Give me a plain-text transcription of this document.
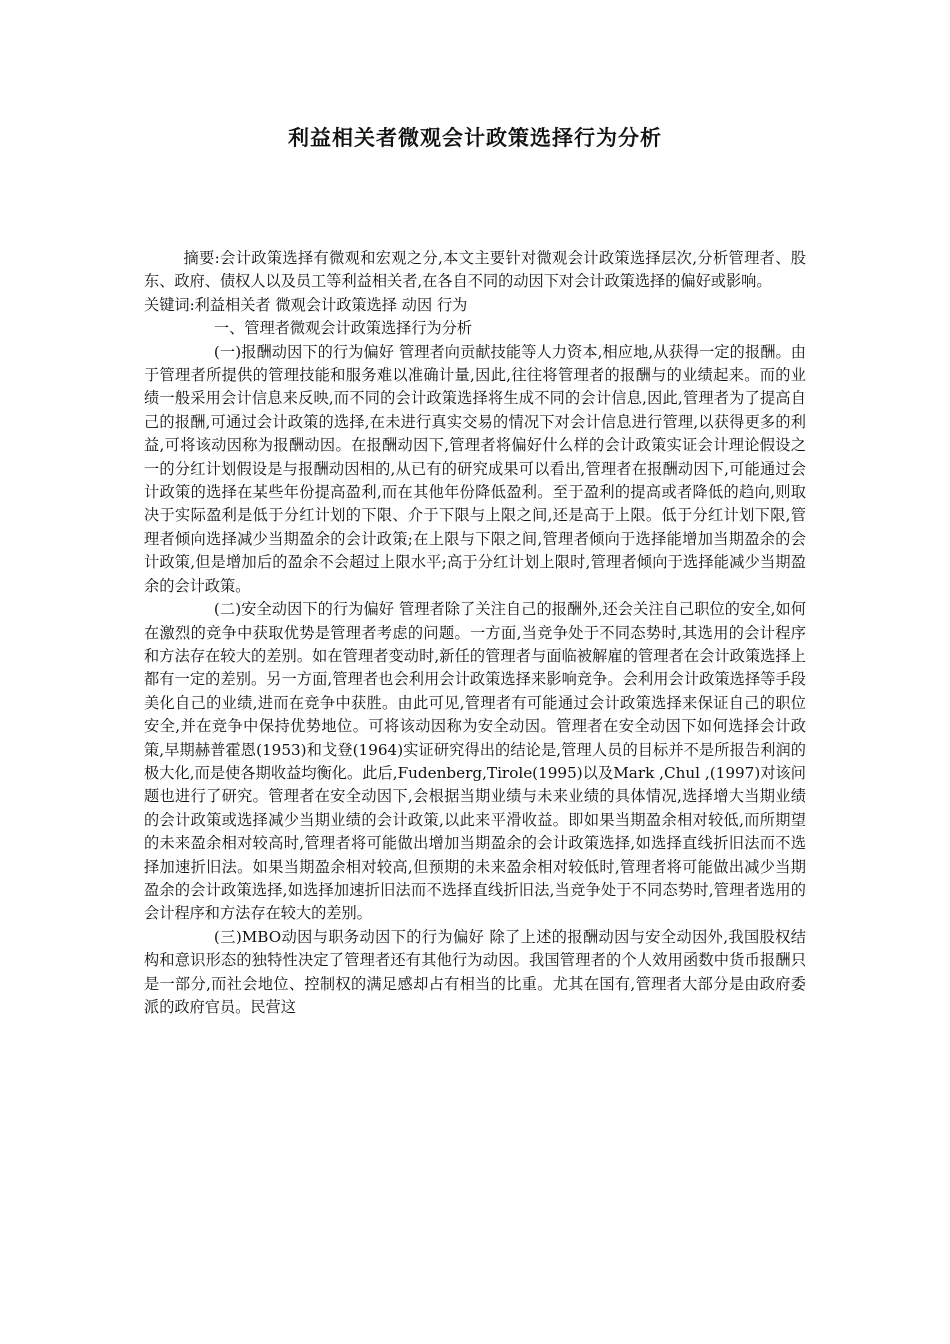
利益相关者微观会计政策选择行为分析

摘要:会计政策选择有微观和宏观之分,本文主要针对微观会计政策选择层次,分析管理者、股东、政府、债权人以及员工等利益相关者,在各自不同的动因下对会计政策选择的偏好或影响。

关键词:利益相关者 微观会计政策选择 动因 行为

一、管理者微观会计政策选择行为分析

(一)报酬动因下的行为偏好 管理者向贡献技能等人力资本,相应地,从获得一定的报酬。由于管理者所提供的管理技能和服务难以准确计量,因此,往往将管理者的报酬与的业绩起来。而的业绩一般采用会计信息来反映,而不同的会计政策选择将生成不同的会计信息,因此,管理者为了提高自己的报酬,可通过会计政策的选择,在未进行真实交易的情况下对会计信息进行管理,以获得更多的利益,可将该动因称为报酬动因。在报酬动因下,管理者将偏好什么样的会计政策实证会计理论假设之一的分红计划假设是与报酬动因相的,从已有的研究成果可以看出,管理者在报酬动因下,可能通过会计政策的选择在某些年份提高盈利,而在其他年份降低盈利。至于盈利的提高或者降低的趋向,则取决于实际盈利是低于分红计划的下限、介于下限与上限之间,还是高于上限。低于分红计划下限,管理者倾向选择减少当期盈余的会计政策;在上限与下限之间,管理者倾向于选择能增加当期盈余的会计政策,但是增加后的盈余不会超过上限水平;高于分红计划上限时,管理者倾向于选择能减少当期盈余的会计政策。

(二)安全动因下的行为偏好 管理者除了关注自己的报酬外,还会关注自己职位的安全,如何在激烈的竞争中获取优势是管理者考虑的问题。一方面,当竞争处于不同态势时,其选用的会计程序和方法存在较大的差别。如在管理者变动时,新任的管理者与面临被解雇的管理者在会计政策选择上都有一定的差别。另一方面,管理者也会利用会计政策选择来影响竞争。会利用会计政策选择等手段美化自己的业绩,进而在竞争中获胜。由此可见,管理者有可能通过会计政策选择来保证自己的职位安全,并在竞争中保持优势地位。可将该动因称为安全动因。管理者在安全动因下如何选择会计政策,早期赫普霍恩(1953)和戈登(1964)实证研究得出的结论是,管理人员的目标并不是所报告利润的极大化,而是使各期收益均衡化。此后,Fudenberg,Tirole(1995)以及Mark ,Chul ,(1997)对该问题也进行了研究。管理者在安全动因下,会根据当期业绩与未来业绩的具体情况,选择增大当期业绩的会计政策或选择减少当期业绩的会计政策,以此来平滑收益。即如果当期盈余相对较低,而所期望的未来盈余相对较高时,管理者将可能做出增加当期盈余的会计政策选择,如选择直线折旧法而不选择加速折旧法。如果当期盈余相对较高,但预期的未来盈余相对较低时,管理者将可能做出减少当期盈余的会计政策选择,如选择加速折旧法而不选择直线折旧法,当竞争处于不同态势时,管理者选用的会计程序和方法存在较大的差别。

(三)MBO动因与职务动因下的行为偏好 除了上述的报酬动因与安全动因外,我国股权结构和意识形态的独特性决定了管理者还有其他行为动因。我国管理者的个人效用函数中货币报酬只是一部分,而社会地位、控制权的满足感却占有相当的比重。尤其在国有,管理者大部分是由政府委派的政府官员。民营这
